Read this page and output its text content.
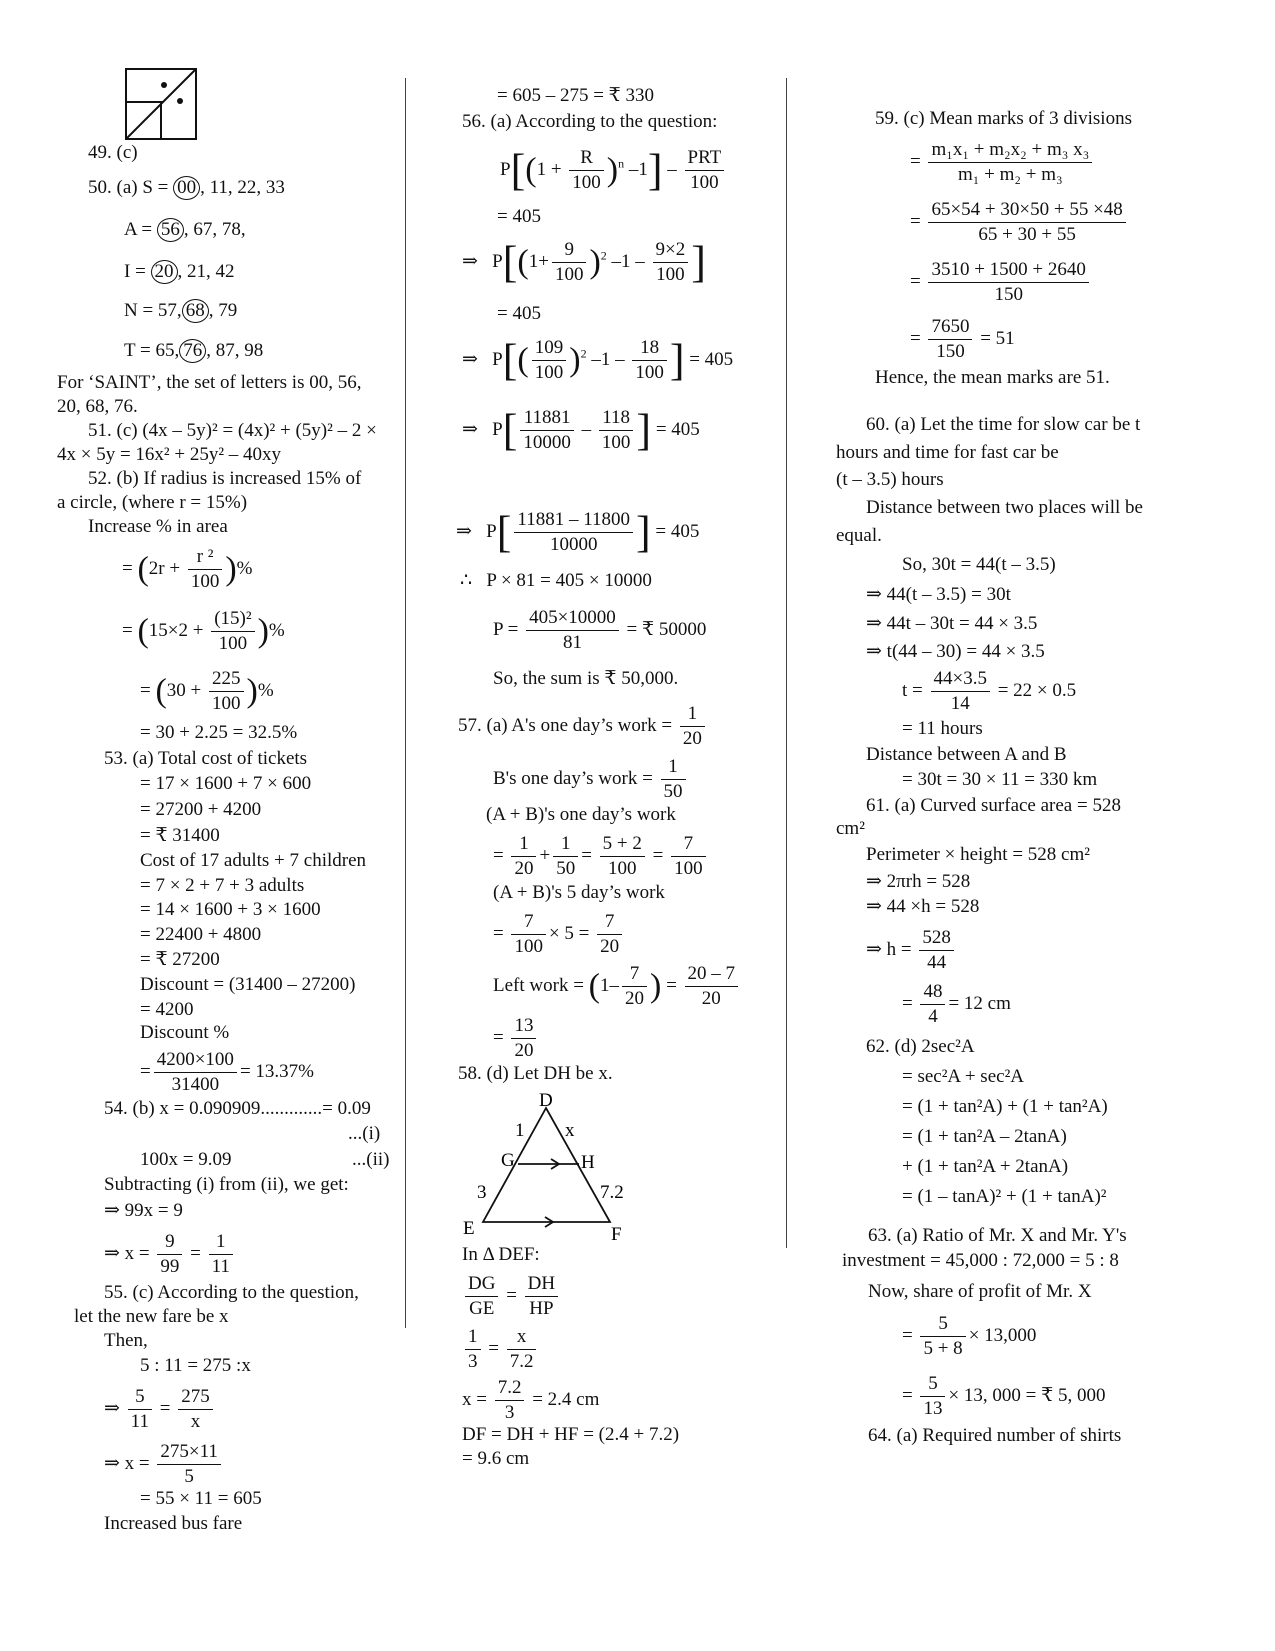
49. (c)
50. (a) S = 00 , 11, 22, 33
A = 56 , 67, 78,
I = 20 , 21, 42
N = 57, 68 , 79
T = 65, 76 , 87, 98
For ‘SAINT’, the set of letters is 00, 56,
20, 68, 76.
51. (c) (4x – 5y)² = (4x)² + (5y)² – 2 ×
4x × 5y = 16x² + 25y² – 40xy
52. (b) If radius is increased 15% of
a circle, (where r = 15%)
Increase % in area
= ($2r + \frac{\text{r ²}}{100}$ )%
= ($15\times 2 + \frac{\text{(15)²}}{100}$ )%
= ($30 + \frac{225}{100}$ )%
= 30 + 2.25 = 32.5%
53. (a) Total cost of tickets
= 17 × 1600 + 7 × 600
= 27200 + 4200
= ₹ 31400
Cost of 17 adults + 7 children
= 7 × 2 + 7 + 3 adults
= 14 × 1600 + 3 × 1600
= 22400 + 4800
= ₹ 27200
Discount = (31400 – 27200)
= 4200
Discount %
= $\frac{4200\times 100}{31400} = 13.37\%$
54. (b) x = 0.090909.............= 0.09
...(i)
100x = 9.09	...(ii)
Subtracting (i) from (ii), we get:
⇒ 99x = 9
⇒ $x = \frac{9}{99} = \frac{1}{11}$
55. (c) According to the question,
let the new fare be x
Then,
5 : 11 = 275 :x
⇒ $\frac{5}{11} = \frac{275}{x}$
⇒ $x = \frac{275\times 11}{5}$
= 55 × 11 = 605
Increased bus fare
= 605 – 275 = ₹ 330
56. (a) According to the question:
$P[(1 + \frac{R}{100} )^n$ $-1] - \frac{\text{PRT}}{100}$
= 405
⇒   $P[(1+ \frac{9}{100} )^2$ $-1 - \frac{9\times 2}{100}$ ]
= 405
⇒   $P[( \frac{109}{100} )^2$ $-1 - \frac{18}{100}$ ] = 405
⇒   $P[ \frac{11881}{10000} - \frac{118}{100}$ ] = 405
⇒   $P[ \frac{11881 - 11800}{10000}$ ] = 405
∴   P × 81 = 405 × 10000
$P = \frac{405\times 10000}{81}$ = ₹ 50000
So, the sum is ₹ 50,000.
57. (a) A's one day’s work = $\frac{1}{20}$
B's one day’s work = $\frac{1}{50}$
(A + B)'s one day’s work
= $\frac{1}{20} + \frac{1}{50} = \frac{5 + 2}{100} = \frac{7}{100}$
(A + B)'s 5 day’s work
= $\frac{7}{100} \times 5 = \frac{7}{20}$
Left work = ($1- \frac{7}{20}$ ) = $\frac{20 - 7}{20}$
= $\frac{13}{20}$
58. (d) Let DH be x.
D
E	F
G	H
1 x
3	7.2
In Δ DEF:
$\frac{DG}{GE} = \frac{DH}{HP}$
$\frac{1}{3} = \frac{x}{7.2}$
$x = \frac{7.2}{3} = 2.4$ cm
DF = DH + HF = (2.4 + 7.2)
= 9.6 cm
59. (c) Mean marks of 3 divisions
= $\frac{\text{m₁x₁ + m₂x₂ + m₃ x₃}}{\text{m₁ + m₂ + m₃}}$
= $\frac{65\times 54 + 30\times 50 + 55 \times 48}{65 + 30 + 55}$
= $\frac{3510 + 1500 + 2640}{150}$
= $\frac{7650}{150} = 51$
Hence, the mean marks are 51.
60. (a) Let the time for slow car be t
hours and time for fast car be
(t – 3.5) hours
Distance between two places will be
equal.
So, 30t = 44(t – 3.5)
⇒ 44(t – 3.5) = 30t
⇒ 44t – 30t = 44 × 3.5
⇒ t(44 – 30) = 44 × 3.5
$t = \frac{44\times 3.5}{14} = 22 \times 0.5$
= 11 hours
Distance between A and B
= 30t = 30 × 11 = 330 km
61. (a) Curved surface area = 528
cm²
Perimeter × height = 528 cm²
⇒ 2πrh = 528
⇒ 44 ×h = 528
⇒ $h = \frac{528}{44}$
= $\frac{48}{4} = 12$ cm
62. (d) 2sec²A
= sec²A + sec²A
= (1 + tan²A) + (1 + tan²A)
= (1 + tan²A – 2tanA)
+ (1 + tan²A + 2tanA)
= (1 – tanA)² + (1 + tanA)²
63. (a) Ratio of Mr. X and Mr. Y's
investment = 45,000 : 72,000 = 5 : 8
Now, share of profit of Mr. X
= $\frac{5}{5 + 8} \times 13,000$
= $\frac{5}{13} \times 13$, 000 = ₹ 5, 000
64. (a) Required number of shirts
